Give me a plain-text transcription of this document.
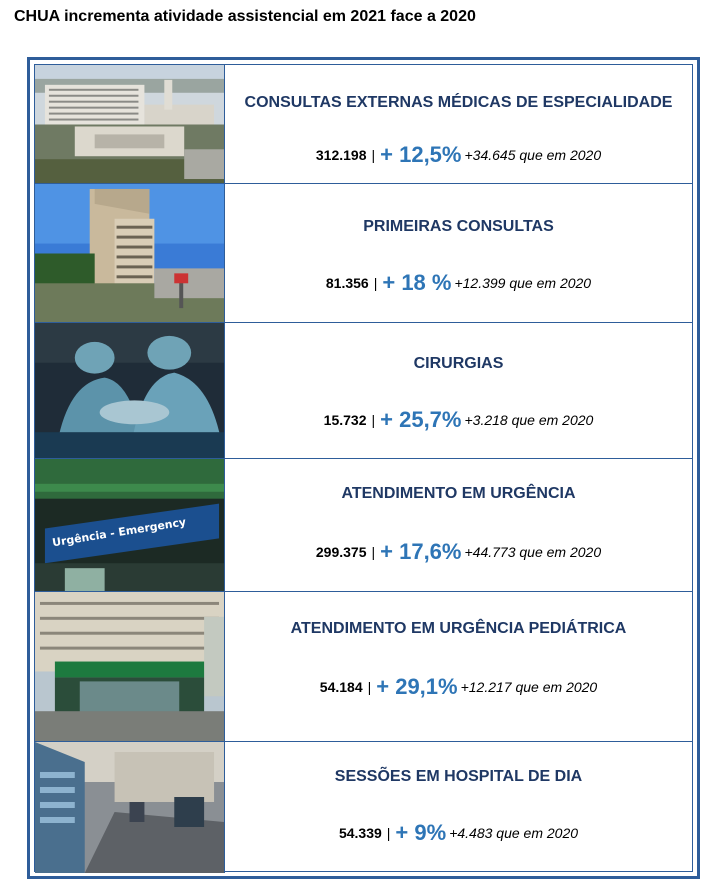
CHUA incrementa atividade assistencial em 2021 face a 2020
CONSULTAS EXTERNAS MÉDICAS DE ESPECIALIDADE
312.198 | + 12,5% +34.645 que em 2020
PRIMEIRAS CONSULTAS
81.356 | + 18 % +12.399 que em 2020
CIRURGIAS
15.732 | + 25,7% +3.218 que em 2020
Urgência - Emergency
ATENDIMENTO EM URGÊNCIA
299.375 | + 17,6% +44.773 que em 2020
ATENDIMENTO EM URGÊNCIA PEDIÁTRICA
54.184 | + 29,1% +12.217 que em 2020
SESSÕES EM HOSPITAL DE DIA
54.339 | + 9% +4.483 que em 2020
